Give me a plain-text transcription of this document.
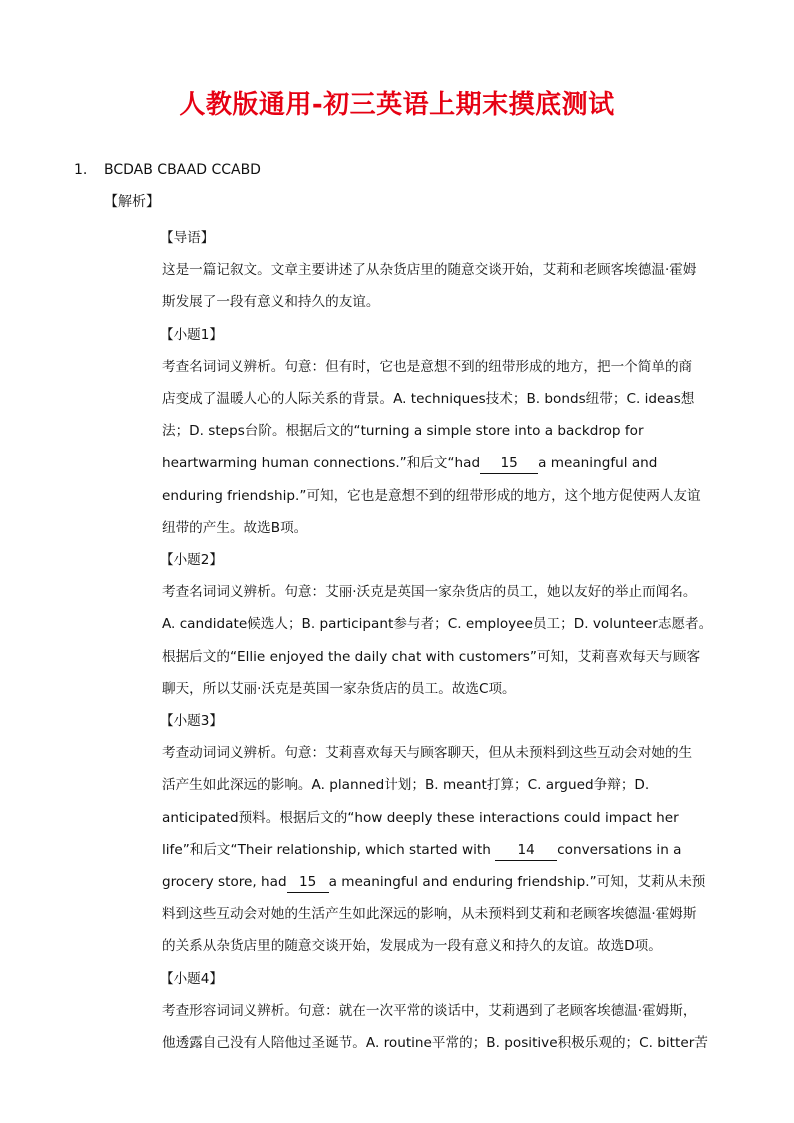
人教版通用-初三英语上期末摸底测试
1. BCDAB CBAAD CCABD
【解析】

【导语】

这是一篇记叙文。文章主要讲述了从杂货店里的随意交谈开始，艾莉和老顾客埃德温·霍姆

斯发展了一段有意义和持久的友谊。

【小题1】

考查名词词义辨析。句意：但有时，它也是意想不到的纽带形成的地方，把一个简单的商

店变成了温暖人心的人际关系的背景。A. techniques技术；B. bonds纽带；C. ideas想

法；D. steps台阶。根据后文的“turning a simple store into a backdrop for

heartwarming human connections.”和后文“had 15 a meaningful and

enduring friendship.”可知，它也是意想不到的纽带形成的地方，这个地方促使两人友谊

纽带的产生。故选B项。

【小题2】

考查名词词义辨析。句意：艾丽·沃克是英国一家杂货店的员工，她以友好的举止而闻名。

A. candidate候选人；B. participant参与者；C. employee员工；D. volunteer志愿者。

根据后文的“Ellie enjoyed the daily chat with customers”可知，艾莉喜欢每天与顾客

聊天，所以艾丽·沃克是英国一家杂货店的员工。故选C项。

【小题3】

考查动词词义辨析。句意：艾莉喜欢每天与顾客聊天，但从未预料到这些互动会对她的生

活产生如此深远的影响。A. planned计划；B. meant打算；C. argued争辩；D.

anticipated预料。根据后文的“how deeply these interactions could impact her

life”和后文“Their relationship, which started with 14 conversations in a

grocery store, had 15 a meaningful and enduring friendship.”可知，艾莉从未预

料到这些互动会对她的生活产生如此深远的影响，从未预料到艾莉和老顾客埃德温·霍姆斯

的关系从杂货店里的随意交谈开始，发展成为一段有意义和持久的友谊。故选D项。

【小题4】

考查形容词词义辨析。句意：就在一次平常的谈话中，艾莉遇到了老顾客埃德温·霍姆斯，

他透露自己没有人陪他过圣诞节。A. routine平常的；B. positive积极乐观的；C. bitter苦
